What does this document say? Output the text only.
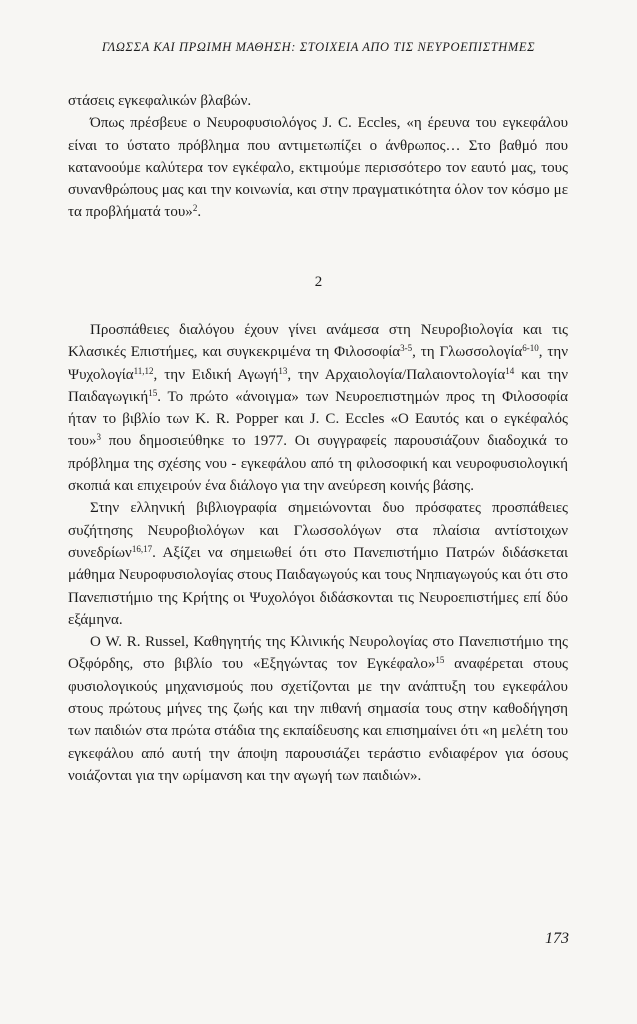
ΓΛΩΣΣΑ ΚΑΙ ΠΡΩΙΜΗ ΜΑΘΗΣΗ: ΣΤΟΙΧΕΙΑ ΑΠΟ ΤΙΣ ΝΕΥΡΟΕΠΙΣΤΗΜΕΣ

στάσεις εγκεφαλικών βλαβών.

Όπως πρέσβευε ο Νευροφυσιολόγος J. C. Eccles, «η έρευνα του εγκεφάλου είναι το ύστατο πρόβλημα που αντιμετωπίζει ο άνθρωπος… Στο βαθμό που κατανοούμε καλύτερα τον εγκέφαλο, εκτιμούμε περισσότερο τον εαυτό μας, τους συνανθρώπους μας και την κοινωνία, και στην πραγματικότητα όλον τον κόσμο με τα προβλήματά του»$^2$.

2

Προσπάθειες διαλόγου έχουν γίνει ανάμεσα στη Νευροβιολογία και τις Κλασικές Επιστήμες, και συγκεκριμένα τη Φιλοσοφία$^{3-5}$, τη Γλωσσολογία$^{6-10}$, την Ψυχολογία$^{11,12}$, την Ειδική Αγωγή$^{13}$, την Αρχαιολογία/Παλαιοντολογία$^{14}$ και την Παιδαγωγική$^{15}$. Το πρώτο «άνοιγμα» των Νευροεπιστημών προς τη Φιλοσοφία ήταν το βιβλίο των K. R. Popper και J. C. Eccles «Ο Εαυτός και ο εγκέφαλός του»$^3$ που δημοσιεύθηκε το 1977. Οι συγγραφείς παρουσιάζουν διαδοχικά το πρόβλημα της σχέσης νου - εγκεφάλου από τη φιλοσοφική και νευροφυσιολογική σκοπιά και επιχειρούν ένα διάλογο για την ανεύρεση κοινής βάσης.

Στην ελληνική βιβλιογραφία σημειώνονται δυο πρόσφατες προσπάθειες συζήτησης Νευροβιολόγων και Γλωσσολόγων στα πλαίσια αντίστοιχων συνεδρίων$^{16,17}$. Αξίζει να σημειωθεί ότι στο Πανεπιστήμιο Πατρών διδάσκεται μάθημα Νευροφυσιολογίας στους Παιδαγωγούς και τους Νηπιαγωγούς και ότι στο Πανεπιστήμιο της Κρήτης οι Ψυχολόγοι διδάσκονται τις Νευροεπιστήμες επί δύο εξάμηνα.

Ο W. R. Russel, Καθηγητής της Κλινικής Νευρολογίας στο Πανεπιστήμιο της Οξφόρδης, στο βιβλίο του «Εξηγώντας τον Εγκέφαλο»$^{15}$ αναφέρεται στους φυσιολογικούς μηχανισμούς που σχετίζονται με την ανάπτυξη του εγκεφάλου στους πρώτους μήνες της ζωής και την πιθανή σημασία τους στην καθοδήγηση των παιδιών στα πρώτα στάδια της εκπαίδευσης και επισημαίνει ότι «η μελέτη του εγκεφάλου από αυτή την άποψη παρουσιάζει τεράστιο ενδιαφέρον για όσους νοιάζονται για την ωρίμανση και την αγωγή των παιδιών».

173
